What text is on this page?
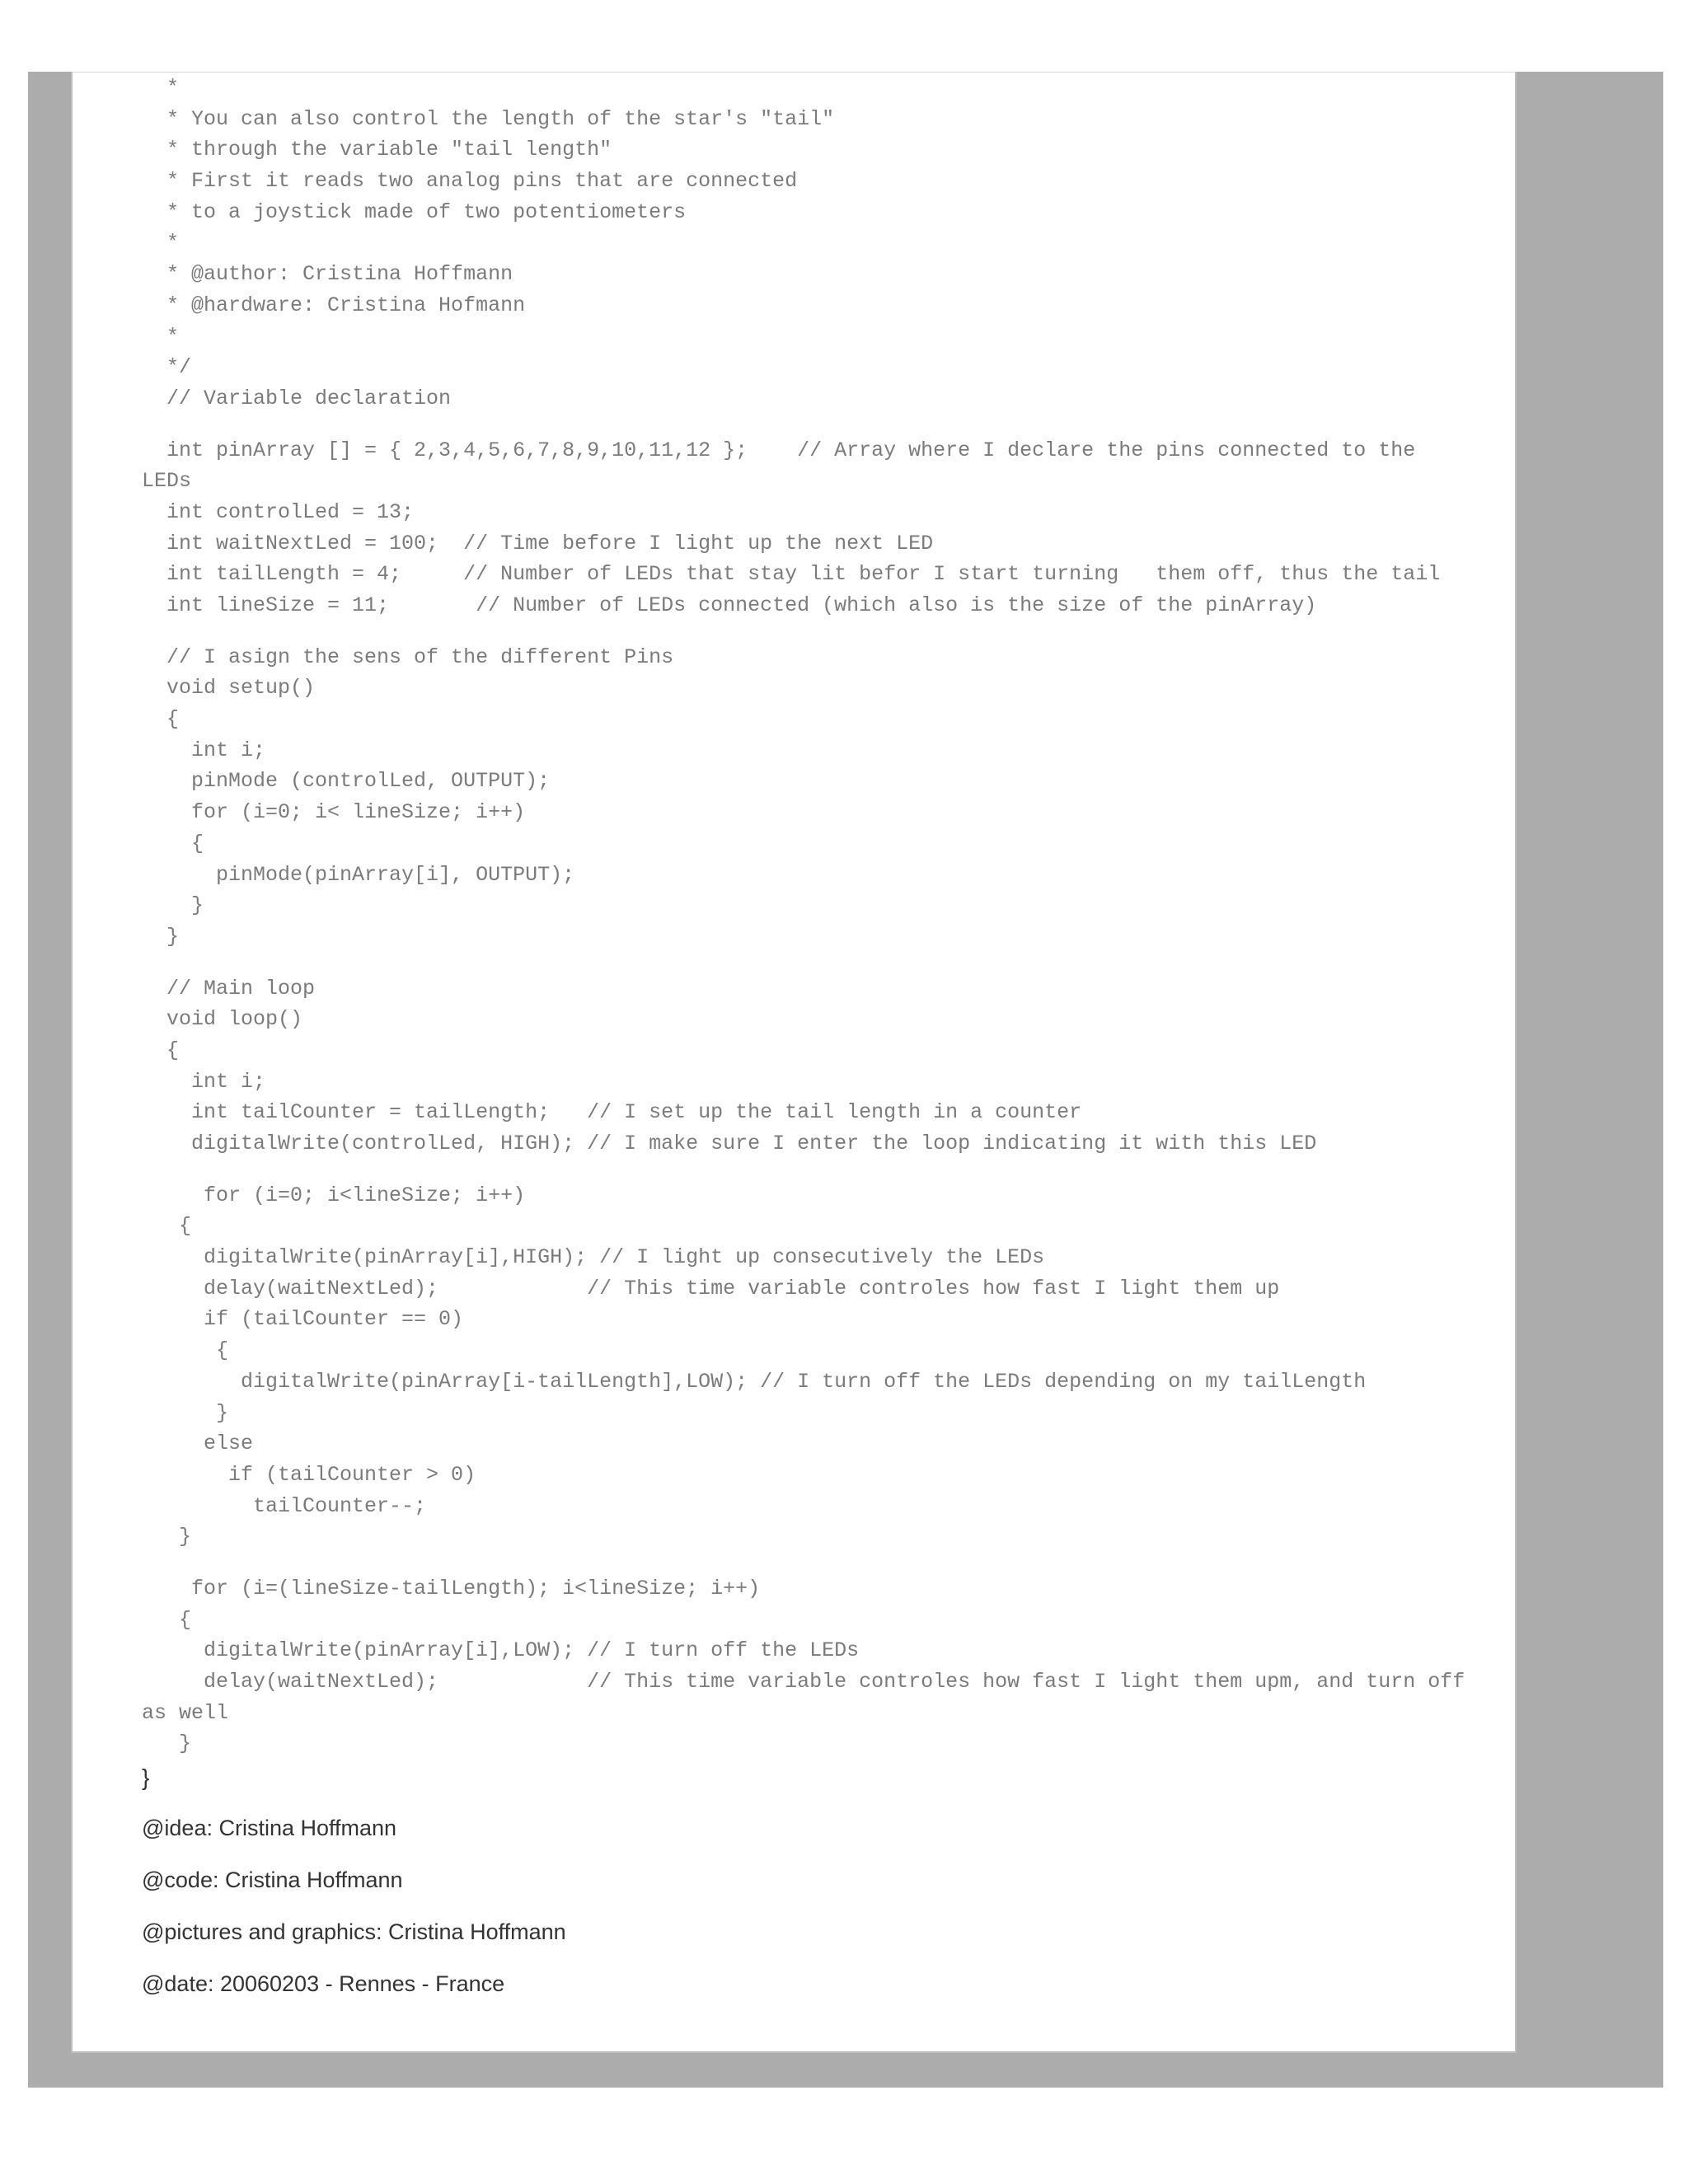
*
* You can also control the length of the star's "tail"
* through the variable "tail length"
* First it reads two analog pins that are connected
* to a joystick made of two potentiometers
*
* @author: Cristina Hoffmann
* @hardware: Cristina Hofmann
*
*/
// Variable declaration
int pinArray [] = { 2,3,4,5,6,7,8,9,10,11,12 };    // Array where I declare the pins connected to the
LEDs
int controlLed = 13;
int waitNextLed = 100;  // Time before I light up the next LED
int tailLength = 4;     // Number of LEDs that stay lit befor I start turning   them off, thus the tail
int lineSize = 11;       // Number of LEDs connected (which also is the size of the pinArray)
// I asign the sens of the different Pins
void setup()
{
int i;
pinMode (controlLed, OUTPUT);
for (i=0; i< lineSize; i++)
{
pinMode(pinArray[i], OUTPUT);
}
}
// Main loop
void loop()
{
int i;
int tailCounter = tailLength;   // I set up the tail length in a counter
digitalWrite(controlLed, HIGH); // I make sure I enter the loop indicating it with this LED
for (i=0; i<lineSize; i++)
{
digitalWrite(pinArray[i],HIGH); // I light up consecutively the LEDs
delay(waitNextLed);            // This time variable controles how fast I light them up
if (tailCounter == 0)
{
digitalWrite(pinArray[i-tailLength],LOW); // I turn off the LEDs depending on my tailLength
}
else
if (tailCounter > 0)
tailCounter--;
}
for (i=(lineSize-tailLength); i<lineSize; i++)
{
digitalWrite(pinArray[i],LOW); // I turn off the LEDs
delay(waitNextLed);            // This time variable controles how fast I light them upm, and turn off
as well
}
}
@idea: Cristina Hoffmann
@code: Cristina Hoffmann
@pictures and graphics: Cristina Hoffmann
@date: 20060203 - Rennes - France
